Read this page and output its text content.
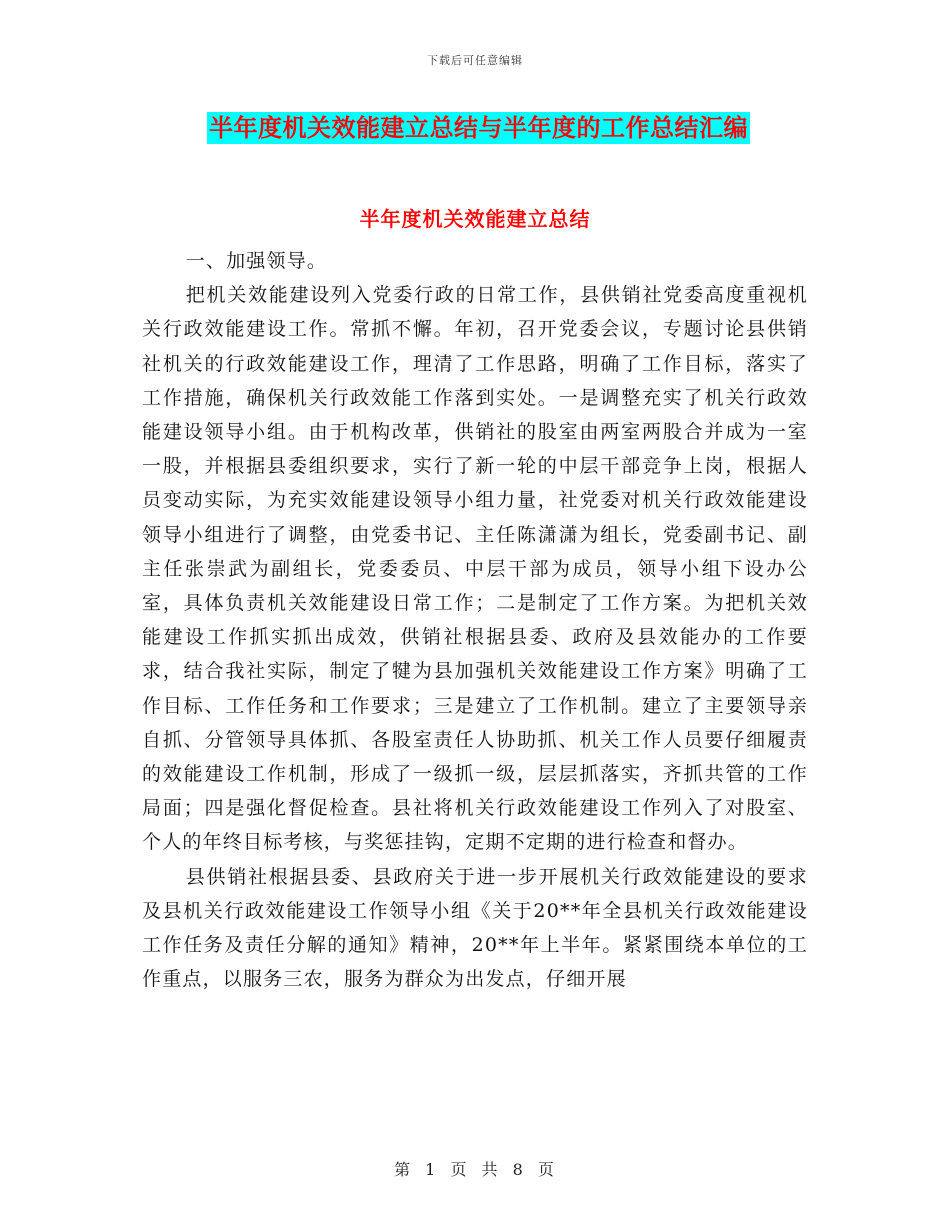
下载后可任意编辑
半年度机关效能建立总结与半年度的工作总结汇编
半年度机关效能建立总结

一、加强领导。

把机关效能建设列入党委行政的日常工作，县供销社党委高度重视机关行政效能建设工作。常抓不懈。年初，召开党委会议，专题讨论县供销社机关的行政效能建设工作，理清了工作思路，明确了工作目标，落实了工作措施，确保机关行政效能工作落到实处。一是调整充实了机关行政效能建设领导小组。由于机构改革，供销社的股室由两室两股合并成为一室一股，并根据县委组织要求，实行了新一轮的中层干部竞争上岗，根据人员变动实际，为充实效能建设领导小组力量，社党委对机关行政效能建设领导小组进行了调整，由党委书记、主任陈潇潇为组长，党委副书记、副主任张崇武为副组长，党委委员、中层干部为成员，领导小组下设办公室，具体负责机关效能建设日常工作；二是制定了工作方案。为把机关效能建设工作抓实抓出成效，供销社根据县委、政府及县效能办的工作要求，结合我社实际，制定了犍为县加强机关效能建设工作方案》明确了工作目标、工作任务和工作要求；三是建立了工作机制。建立了主要领导亲自抓、分管领导具体抓、各股室责任人协助抓、机关工作人员要仔细履责的效能建设工作机制，形成了一级抓一级，层层抓落实，齐抓共管的工作局面；四是强化督促检查。县社将机关行政效能建设工作列入了对股室、个人的年终目标考核，与奖惩挂钩，定期不定期的进行检查和督办。

县供销社根据县委、县政府关于进一步开展机关行政效能建设的要求及县机关行政效能建设工作领导小组《关于20**年全县机关行政效能建设工作任务及责任分解的通知》精神，20**年上半年。紧紧围绕本单位的工作重点，以服务三农，服务为群众为出发点，仔细开展

第 1 页 共 8 页
